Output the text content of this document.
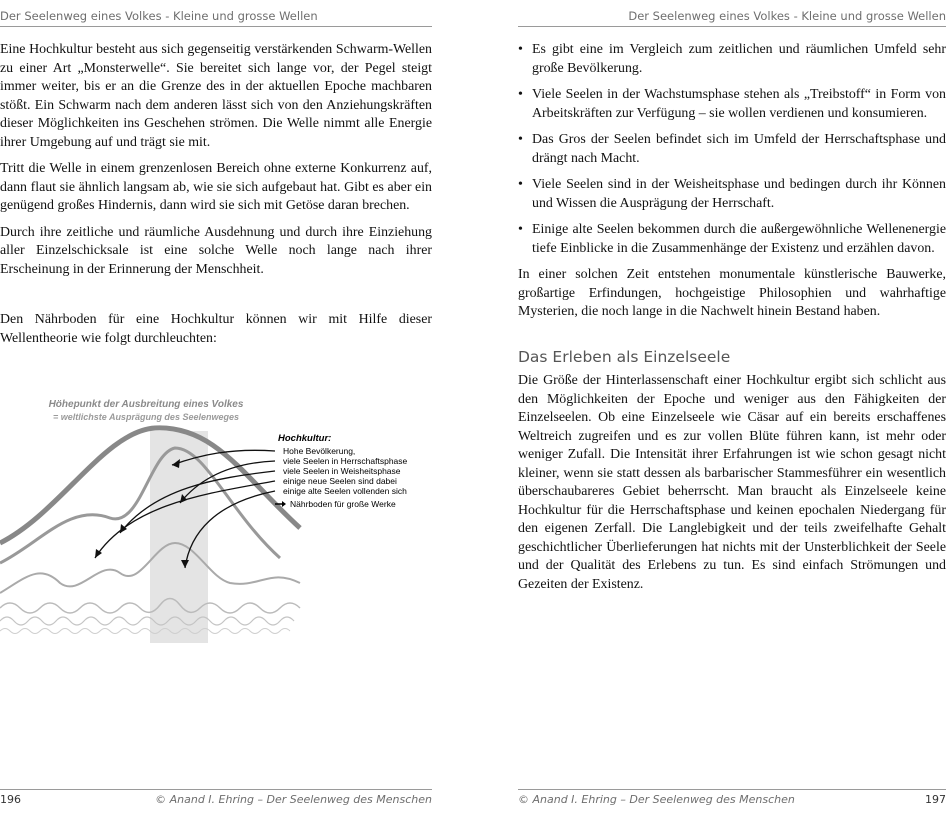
Der Seelenweg eines Volkes - Kleine und grosse Wellen

Eine Hochkultur besteht aus sich gegenseitig verstärkenden Schwarm-Wellen zu einer Art „Monsterwelle“. Sie bereitet sich lange vor, der Pegel steigt immer weiter, bis er an die Grenze des in der aktuellen Epoche machbaren stößt. Ein Schwarm nach dem anderen lässt sich von den Anziehungskräften dieser Möglichkeiten ins Geschehen strömen. Die Welle nimmt alle Energie ihrer Umgebung auf und trägt sie mit.

Tritt die Welle in einem grenzenlosen Bereich ohne externe Konkurrenz auf, dann flaut sie ähnlich langsam ab, wie sie sich aufgebaut hat. Gibt es aber ein genügend großes Hindernis, dann wird sie sich mit Getöse daran brechen.

Durch ihre zeitliche und räumliche Ausdehnung und durch ihre Einziehung aller Einzelschicksale ist eine solche Welle noch lange nach ihrer Erscheinung in der Erinnerung der Menschheit.

Den Nährboden für eine Hochkultur können wir mit Hilfe dieser Wellentheorie wie folgt durchleuchten:

Höhepunkt der Ausbreitung eines Volkes
= weltlichste Ausprägung des Seelenweges
Hochkultur:
Hohe Bevölkerung,
viele Seelen in Herrschaftsphase
viele Seelen in Weisheitsphase
einige neue Seelen sind dabei
einige alte Seelen vollenden sich
Nährboden für große Werke
196	© Anand I. Ehring – Der Seelenweg des Menschen
Der Seelenweg eines Volkes - Kleine und grosse Wellen
• Es gibt eine im Vergleich zum zeitlichen und räumlichen Umfeld sehr große Bevölkerung.
• Viele Seelen in der Wachstumsphase stehen als „Treibstoff“ in Form von Arbeitskräften zur Verfügung – sie wollen verdienen und konsumieren.
• Das Gros der Seelen befindet sich im Umfeld der Herrschaftsphase und drängt nach Macht.
• Viele Seelen sind in der Weisheitsphase und bedingen durch ihr Können und Wissen die Ausprägung der Herrschaft.
• Einige alte Seelen bekommen durch die außergewöhnliche Wellenenergie tiefe Einblicke in die Zusammenhänge der Existenz und erzählen davon.

In einer solchen Zeit entstehen monumentale künstlerische Bauwerke, großartige Erfindungen, hochgeistige Philosophien und wahrhaftige Mysterien, die noch lange in die Nachwelt hinein Bestand haben.

Das Erleben als Einzelseele

Die Größe der Hinterlassenschaft einer Hochkultur ergibt sich schlicht aus den Möglichkeiten der Epoche und weniger aus den Fähigkeiten der Einzelseelen. Ob eine Einzelseele wie Cäsar auf ein bereits erschaffenes Weltreich zugreifen und es zur vollen Blüte führen kann, ist mehr oder weniger Zufall. Die Intensität ihrer Erfahrungen ist wie schon gesagt nicht kleiner, wenn sie statt dessen als barbarischer Stammesführer ein wesentlich überschaubareres Gebiet beherrscht. Man braucht als Einzelseele keine Hochkultur für die Herrschaftsphase und keinen epochalen Niedergang für den eigenen Zerfall. Die Langlebigkeit und der teils zweifelhafte Gehalt geschichtlicher Überlieferungen hat nichts mit der Unsterblichkeit der Seele und der Qualität des Erlebens zu tun. Es sind einfach Strömungen und Gezeiten der Existenz.

© Anand I. Ehring – Der Seelenweg des Menschen	197
